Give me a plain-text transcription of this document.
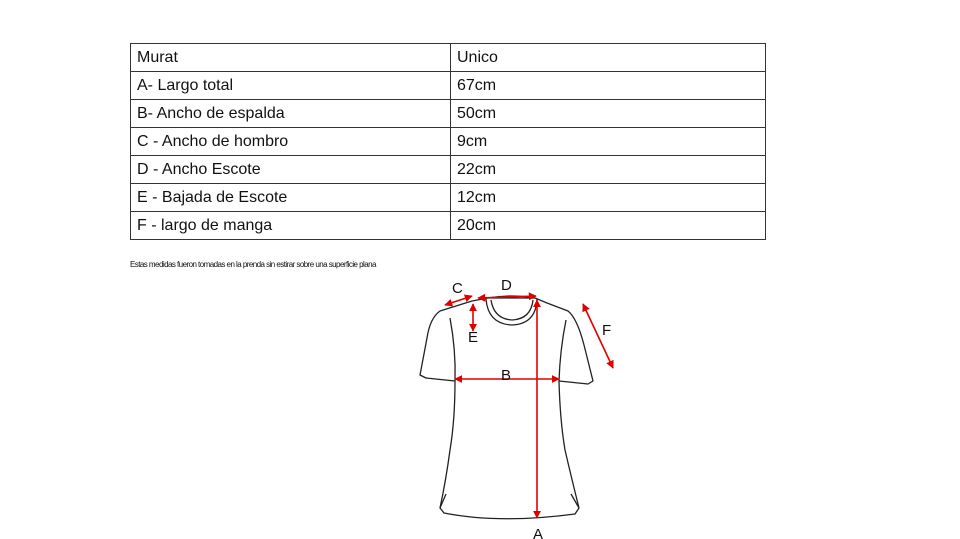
Murat	Unico
A- Largo total	67cm
B- Ancho de espalda	50cm
C - Ancho de hombro	9cm
D - Ancho Escote	22cm
E - Bajada de Escote	12cm
F - largo de manga	20cm
Estas medidas fueron tomadas en la prenda sin estirar sobre una superficie plana
A
B
C	D
E	F
